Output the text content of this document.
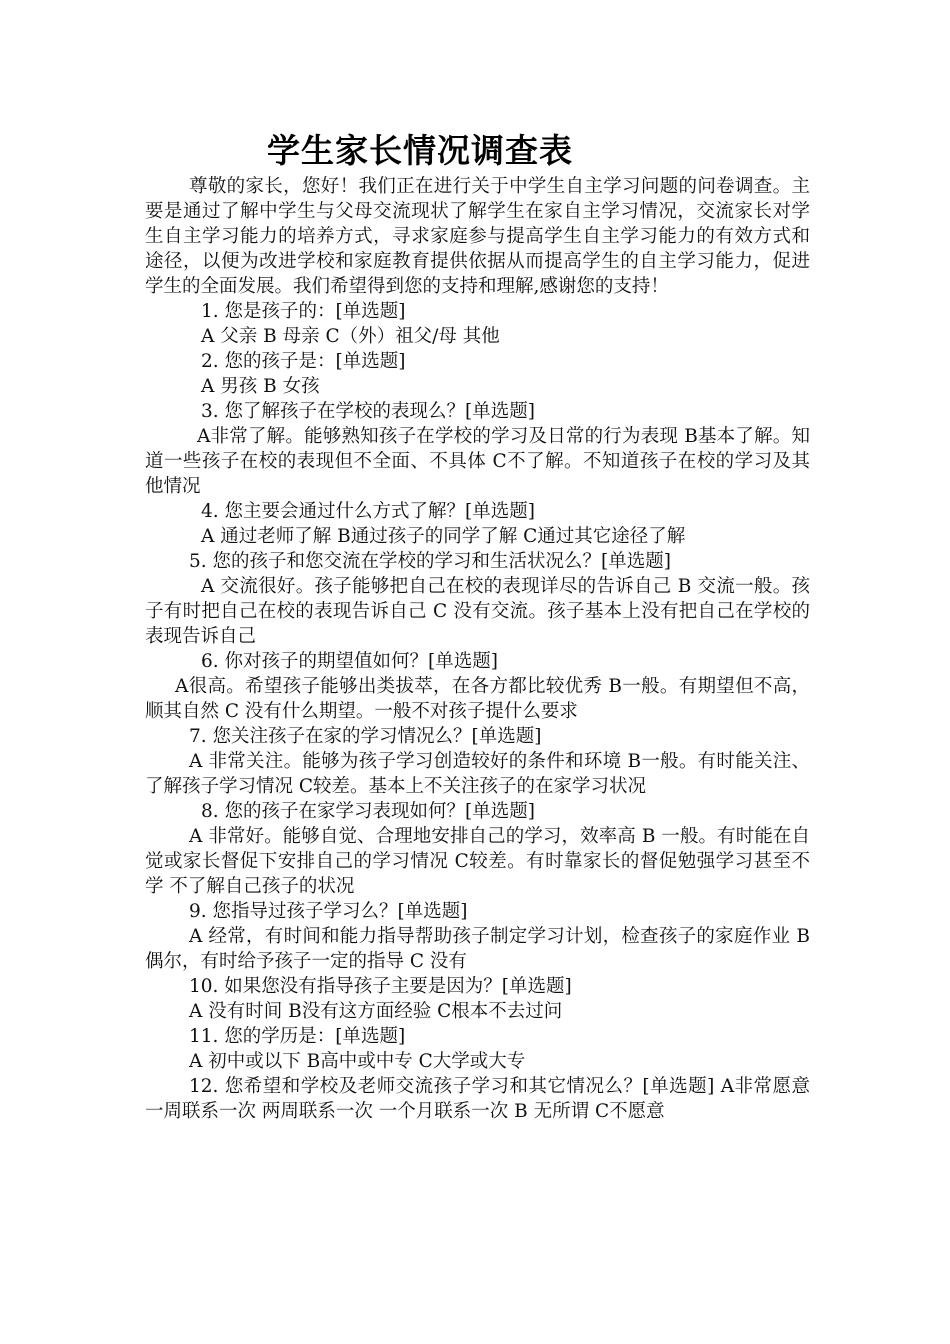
学生家长情况调查表

尊敬的家长，您好！我们正在进行关于中学生自主学习问题的问卷调查。主要是通过了解中学生与父母交流现状了解学生在家自主学习情况，交流家长对学生自主学习能力的培养方式，寻求家庭参与提高学生自主学习能力的有效方式和途径，以便为改进学校和家庭教育提供依据从而提高学生的自主学习能力，促进学生的全面发展。我们希望得到您的支持和理解,感谢您的支持！

1. 您是孩子的：[单选题]

A 父亲 B 母亲 C（外）祖父/母 其他

2. 您的孩子是：[单选题]

A 男孩 B 女孩

3. 您了解孩子在学校的表现么？[单选题]

A非常了解。能够熟知孩子在学校的学习及日常的行为表现 B基本了解。知道一些孩子在校的表现但不全面、不具体 C不了解。不知道孩子在校的学习及其他情况

4. 您主要会通过什么方式了解？[单选题]

A 通过老师了解 B通过孩子的同学了解 C通过其它途径了解

5. 您的孩子和您交流在学校的学习和生活状况么？[单选题]

A 交流很好。孩子能够把自己在校的表现详尽的告诉自己 B 交流一般。孩子有时把自己在校的表现告诉自己 C 没有交流。孩子基本上没有把自己在学校的表现告诉自己

6. 你对孩子的期望值如何？[单选题]

A很高。希望孩子能够出类拔萃，在各方都比较优秀 B一般。有期望但不高，顺其自然 C 没有什么期望。一般不对孩子提什么要求

7. 您关注孩子在家的学习情况么？[单选题]

A 非常关注。能够为孩子学习创造较好的条件和环境 B一般。有时能关注、了解孩子学习情况 C较差。基本上不关注孩子的在家学习状况

8. 您的孩子在家学习表现如何？[单选题]

A 非常好。能够自觉、合理地安排自己的学习，效率高 B 一般。有时能在自觉或家长督促下安排自己的学习情况 C较差。有时靠家长的督促勉强学习甚至不学 不了解自己孩子的状况

9. 您指导过孩子学习么？[单选题]

A 经常，有时间和能力指导帮助孩子制定学习计划，检查孩子的家庭作业 B 偶尔，有时给予孩子一定的指导 C 没有

10. 如果您没有指导孩子主要是因为？[单选题]

A 没有时间 B没有这方面经验 C根本不去过问

11. 您的学历是：[单选题]

A 初中或以下 B高中或中专 C大学或大专

12. 您希望和学校及老师交流孩子学习和其它情况么？[单选题] A非常愿意 一周联系一次 两周联系一次 一个月联系一次 B 无所谓 C不愿意
